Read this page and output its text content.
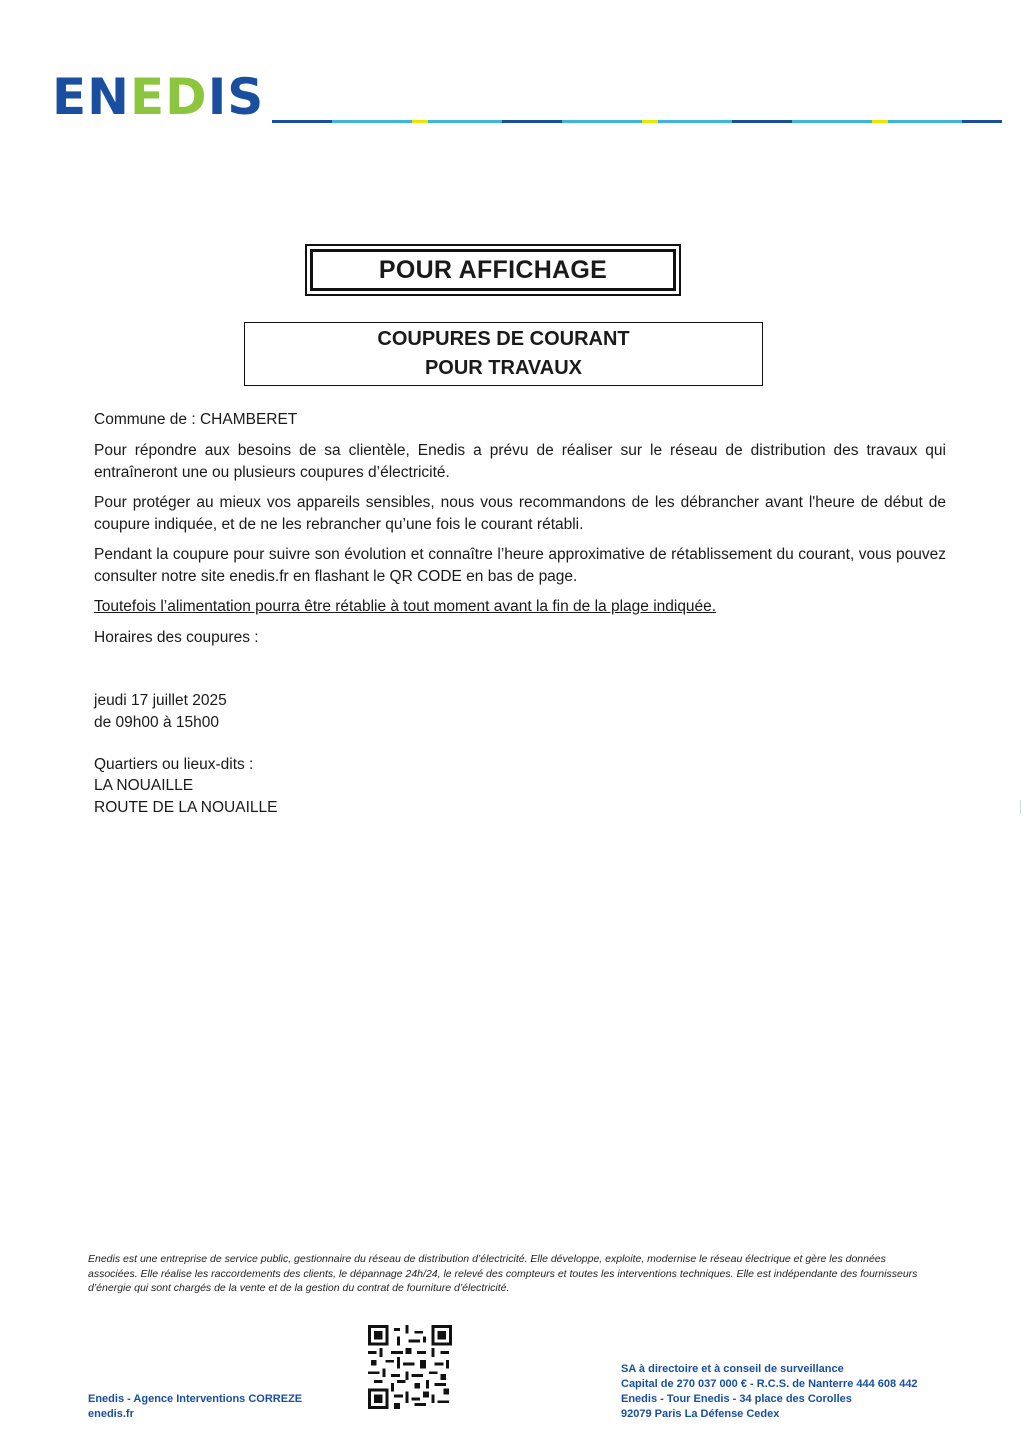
ENEDIS
POUR AFFICHAGE
COUPURES DE COURANT
POUR TRAVAUX
Commune de : CHAMBERET
Pour répondre aux besoins de sa clientèle, Enedis a prévu de réaliser sur le réseau de distribution des travaux qui entraîneront une ou plusieurs coupures d’électricité.
Pour protéger au mieux vos appareils sensibles, nous vous recommandons de les débrancher avant l'heure de début de coupure indiquée, et de ne les rebrancher qu’une fois le courant rétabli.
Pendant la coupure pour suivre son évolution et connaître l’heure approximative de rétablissement du courant, vous pouvez consulter notre site enedis.fr en flashant le QR CODE en bas de page.
Toutefois l’alimentation pourra être rétablie à tout moment avant la fin de la plage indiquée.
Horaires des coupures :
jeudi 17 juillet 2025
de 09h00 à 15h00
Quartiers ou lieux-dits :
LA NOUAILLE
ROUTE DE LA NOUAILLE
Enedis est une entreprise de service public, gestionnaire du réseau de distribution d’électricité. Elle développe, exploite, modernise le réseau électrique et gère les données associées. Elle réalise les raccordements des clients, le dépannage 24h/24, le relevé des compteurs et toutes les interventions techniques. Elle est indépendante des fournisseurs d’énergie qui sont chargés de la vente et de la gestion du contrat de fourniture d’électricité.
Enedis - Agence Interventions CORREZE
enedis.fr
SA à directoire et à conseil de surveillance
Capital de 270 037 000 € - R.C.S. de Nanterre 444 608 442
Enedis - Tour Enedis - 34 place des Corolles
92079 Paris La Défense Cedex
